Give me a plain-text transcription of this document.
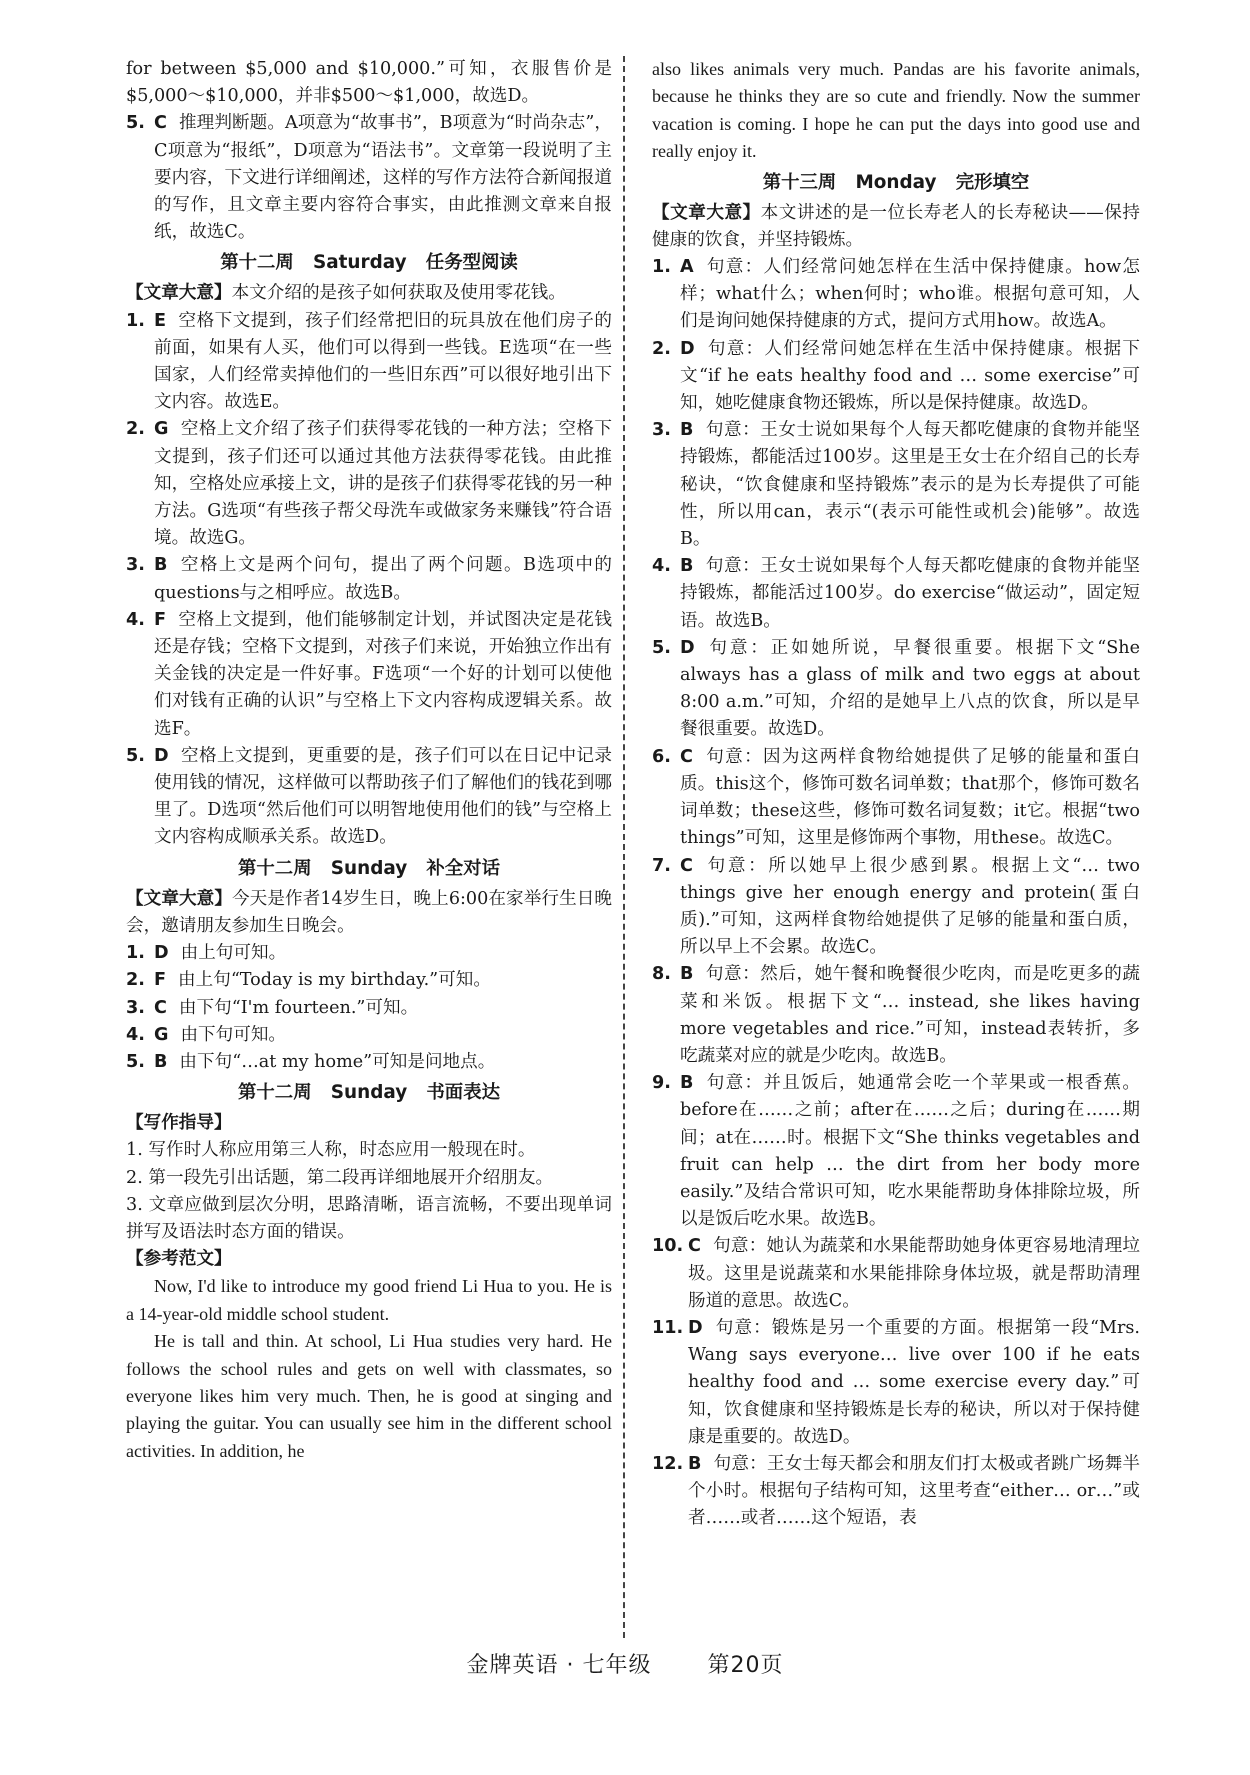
for between $5,000 and $10,000.”可知，衣服售价是$5,000～$10,000，并非$500～$1,000，故选D。

5. C 推理判断题。A项意为“故事书”，B项意为“时尚杂志”，C项意为“报纸”，D项意为“语法书”。文章第一段说明了主要内容，下文进行详细阐述，这样的写作方法符合新闻报道的写作，且文章主要内容符合事实，由此推测文章来自报纸，故选C。

第十二周   Saturday   任务型阅读

【文章大意】本文介绍的是孩子如何获取及使用零花钱。

1. E 空格下文提到，孩子们经常把旧的玩具放在他们房子的前面，如果有人买，他们可以得到一些钱。E选项“在一些国家，人们经常卖掉他们的一些旧东西”可以很好地引出下文内容。故选E。

2. G 空格上文介绍了孩子们获得零花钱的一种方法；空格下文提到，孩子们还可以通过其他方法获得零花钱。由此推知，空格处应承接上文，讲的是孩子们获得零花钱的另一种方法。G选项“有些孩子帮父母洗车或做家务来赚钱”符合语境。故选G。

3. B 空格上文是两个问句，提出了两个问题。B选项中的questions与之相呼应。故选B。

4. F 空格上文提到，他们能够制定计划，并试图决定是花钱还是存钱；空格下文提到，对孩子们来说，开始独立作出有关金钱的决定是一件好事。F选项“一个好的计划可以使他们对钱有正确的认识”与空格上下文内容构成逻辑关系。故选F。

5. D 空格上文提到，更重要的是，孩子们可以在日记中记录使用钱的情况，这样做可以帮助孩子们了解他们的钱花到哪里了。D选项“然后他们可以明智地使用他们的钱”与空格上文内容构成顺承关系。故选D。

第十二周   Sunday   补全对话

【文章大意】今天是作者14岁生日，晚上6:00在家举行生日晚会，邀请朋友参加生日晚会。

1. D 由上句可知。

2. F 由上句“Today is my birthday.”可知。

3. C 由下句“I'm fourteen.”可知。

4. G 由下句可知。

5. B 由下句“…at my home”可知是问地点。

第十二周   Sunday   书面表达

【写作指导】

1. 写作时人称应用第三人称，时态应用一般现在时。

2. 第一段先引出话题，第二段再详细地展开介绍朋友。

3. 文章应做到层次分明，思路清晰，语言流畅，不要出现单词拼写及语法时态方面的错误。

【参考范文】

Now, I'd like to introduce my good friend Li Hua to you. He is a 14-year-old middle school student.

He is tall and thin. At school, Li Hua studies very hard. He follows the school rules and gets on well with classmates, so everyone likes him very much. Then, he is good at singing and playing the guitar. You can usually see him in the different school activities. In addition, he

also likes animals very much. Pandas are his favorite animals, because he thinks they are so cute and friendly. Now the summer vacation is coming. I hope he can put the days into good use and really enjoy it.

第十三周   Monday   完形填空

【文章大意】本文讲述的是一位长寿老人的长寿秘诀——保持健康的饮食，并坚持锻炼。

1. A 句意：人们经常问她怎样在生活中保持健康。how怎样；what什么；when何时；who谁。根据句意可知，人们是询问她保持健康的方式，提问方式用how。故选A。

2. D 句意：人们经常问她怎样在生活中保持健康。根据下文“if he eats healthy food and … some exercise”可知，她吃健康食物还锻炼，所以是保持健康。故选D。

3. B 句意：王女士说如果每个人每天都吃健康的食物并能坚持锻炼，都能活过100岁。这里是王女士在介绍自己的长寿秘诀，“饮食健康和坚持锻炼”表示的是为长寿提供了可能性，所以用can，表示“(表示可能性或机会)能够”。故选B。

4. B 句意：王女士说如果每个人每天都吃健康的食物并能坚持锻炼，都能活过100岁。do exercise“做运动”，固定短语。故选B。

5. D 句意：正如她所说，早餐很重要。根据下文“She always has a glass of milk and two eggs at about 8:00 a.m.”可知，介绍的是她早上八点的饮食，所以是早餐很重要。故选D。

6. C 句意：因为这两样食物给她提供了足够的能量和蛋白质。this这个，修饰可数名词单数；that那个，修饰可数名词单数；these这些，修饰可数名词复数；it它。根据“two things”可知，这里是修饰两个事物，用these。故选C。

7. C 句意：所以她早上很少感到累。根据上文“… two things give her enough energy and protein(蛋白质).”可知，这两样食物给她提供了足够的能量和蛋白质，所以早上不会累。故选C。

8. B 句意：然后，她午餐和晚餐很少吃肉，而是吃更多的蔬菜和米饭。根据下文“… instead, she likes having more vegetables and rice.”可知，instead表转折，多吃蔬菜对应的就是少吃肉。故选B。

9. B 句意：并且饭后，她通常会吃一个苹果或一根香蕉。before在……之前；after在……之后；during在……期间；at在……时。根据下文“She thinks vegetables and fruit can help … the dirt from her body more easily.”及结合常识可知，吃水果能帮助身体排除垃圾，所以是饭后吃水果。故选B。

10. C 句意：她认为蔬菜和水果能帮助她身体更容易地清理垃圾。这里是说蔬菜和水果能排除身体垃圾，就是帮助清理肠道的意思。故选C。

11. D 句意：锻炼是另一个重要的方面。根据第一段“Mrs. Wang says everyone… live over 100 if he eats healthy food and … some exercise every day.”可知，饮食健康和坚持锻炼是长寿的秘诀，所以对于保持健康是重要的。故选D。

12. B 句意：王女士每天都会和朋友们打太极或者跳广场舞半个小时。根据句子结构可知，这里考查“either… or…”或者……或者……这个短语，表

金牌英语 · 七年级	第20页
